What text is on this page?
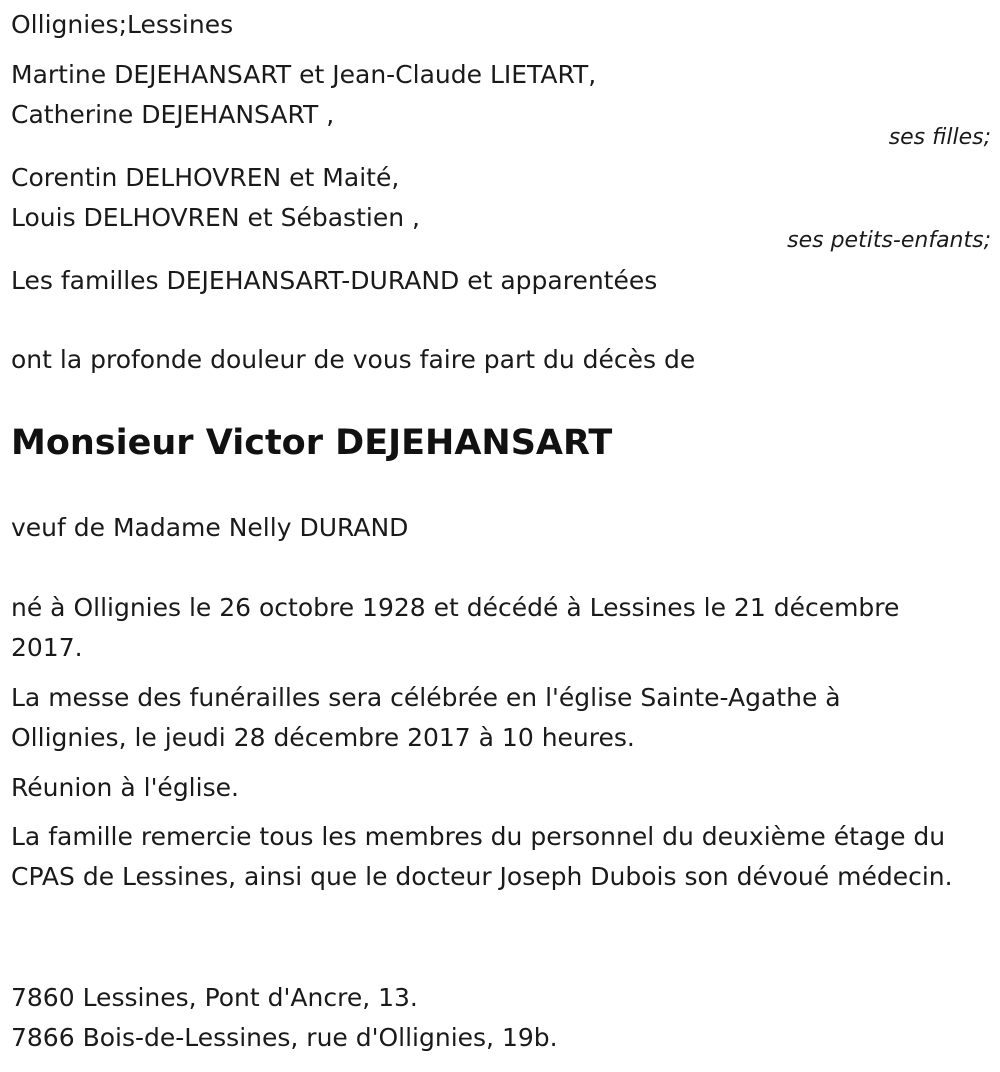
Ollignies;Lessines
Martine DEJEHANSART et Jean-Claude LIETART,
Catherine DEJEHANSART ,
ses filles;
Corentin DELHOVREN et Maité,
Louis DELHOVREN et Sébastien ,
ses petits-enfants;
Les familles DEJEHANSART-DURAND et apparentées
ont la profonde douleur de vous faire part du décès de
Monsieur Victor DEJEHANSART
veuf de Madame Nelly DURAND
né à Ollignies le 26 octobre 1928 et décédé à Lessines le 21 décembre 2017.
La messe des funérailles sera célébrée en l'église Sainte-Agathe à Ollignies, le jeudi 28 décembre 2017 à 10 heures.
Réunion à l'église.
La famille remercie tous les membres du personnel du deuxième étage du CPAS de Lessines, ainsi que le docteur Joseph Dubois son dévoué médecin.
7860 Lessines, Pont d'Ancre, 13.
7866 Bois-de-Lessines, rue d'Ollignies, 19b.
